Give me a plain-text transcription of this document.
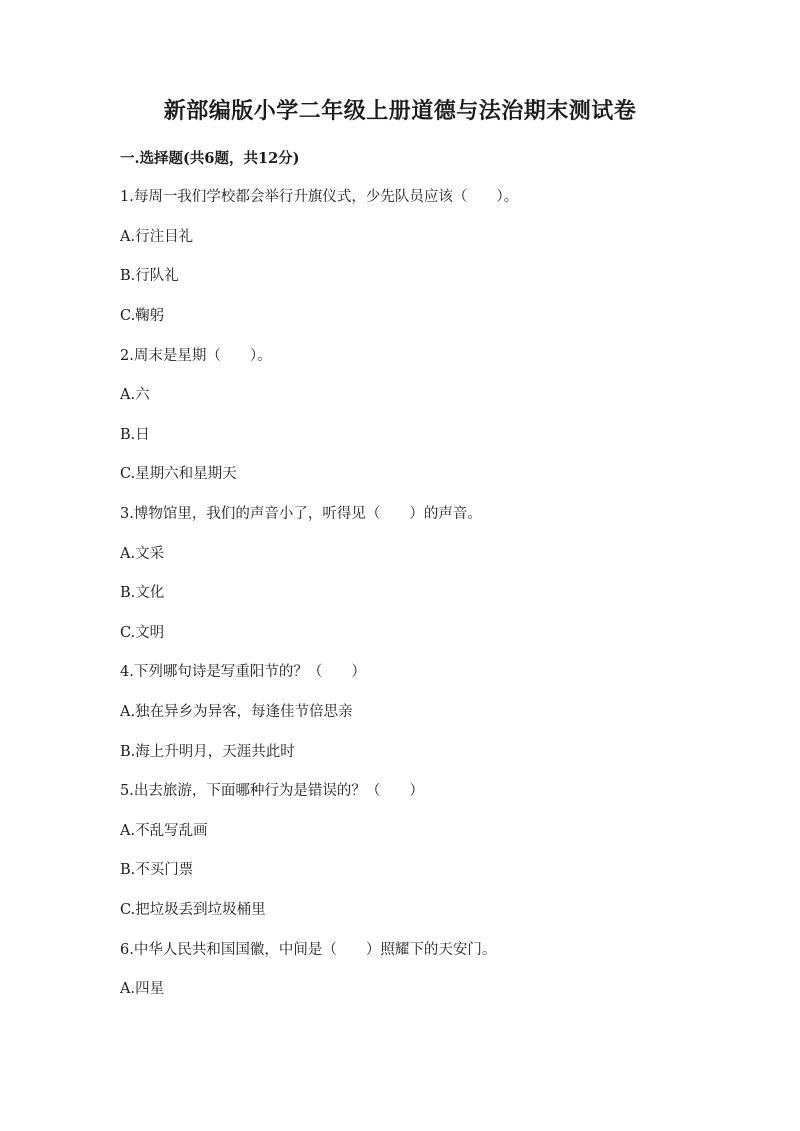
新部编版小学二年级上册道德与法治期末测试卷
一.选择题(共6题，共12分)
1.每周一我们学校都会举行升旗仪式，少先队员应该（　　）。
A.行注目礼
B.行队礼
C.鞠躬
2.周末是星期（　　）。
A.六
B.日
C.星期六和星期天
3.博物馆里，我们的声音小了，听得见（　　）的声音。
A.文采
B.文化
C.文明
4.下列哪句诗是写重阳节的？（　　）
A.独在异乡为异客，每逢佳节倍思亲
B.海上升明月，天涯共此时
5.出去旅游，下面哪种行为是错误的？（　　）
A.不乱写乱画
B.不买门票
C.把垃圾丢到垃圾桶里
6.中华人民共和国国徽，中间是（　　）照耀下的天安门。
A.四星
